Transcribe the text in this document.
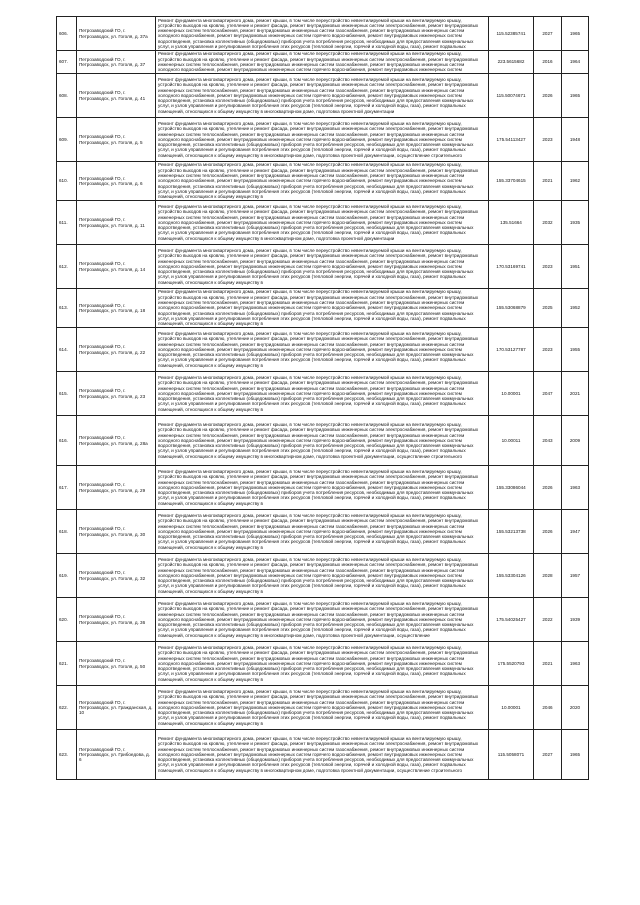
606.	Петрозаводский ГО, г. Петрозаводск, ул. Гоголя, д. 37а	Ремонт фундамента многоквартирного дома, ремонт крыши, в том числе переустройство невентилируемой крыши на вентилируемую крышу, устройство выходов на кровлю, утепление и ремонт фасада, ремонт внутридомовых инженерных систем электроснабжения, ремонт внутридомовых инженерных систем теплоснабжения, ремонт внутридомовых инженерных систем газоснабжения, ремонт внутридомовых инженерных систем холодного водоснабжения, ремонт внутридомовых инженерных систем горячего водоснабжения, ремонт внутридомовых инженерных систем водоотведения, установка коллективных (общедомовых) приборов учета потребления ресурсов, необходимых для предоставления коммунальных услуг, и узлов управления и регулирования потребления этих ресурсов (тепловой энергии, горячей и холодной воды, газа), ремонт подвальных	115.52385741	2027	1965
607.	Петрозаводский ГО, г. Петрозаводск, ул. Гоголя, д. 37	Ремонт фундамента многоквартирного дома, ремонт крыши, в том числе переустройство невентилируемой крыши на вентилируемую крышу, устройство выходов на кровлю, утепление и ремонт фасада, ремонт внутридомовых инженерных систем электроснабжения, ремонт внутридомовых инженерных систем теплоснабжения, ремонт внутридомовых инженерных систем газоснабжения, ремонт внутридомовых инженерных систем холодного водоснабжения, ремонт внутридомовых инженерных систем горячего водоснабжения, ремонт внутридомовых инженерных систем	223.5615682	2016	1964
608.	Петрозаводский ГО, г. Петрозаводск, ул. Гоголя, д. 41	Ремонт фундамента многоквартирного дома, ремонт крыши, в том числе переустройство невентилируемой крыши на вентилируемую крышу, устройство выходов на кровлю, утепление и ремонт фасада, ремонт внутридомовых инженерных систем электроснабжения, ремонт внутридомовых инженерных систем теплоснабжения, ремонт внутридомовых инженерных систем газоснабжения, ремонт внутридомовых инженерных систем холодного водоснабжения, ремонт внутридомовых инженерных систем горячего водоснабжения, ремонт внутридомовых инженерных систем водоотведения, установка коллективных (общедомовых) приборов учета потребления ресурсов, необходимых для предоставления коммунальных услуг, и узлов управления и регулирования потребления этих ресурсов (тепловой энергии, горячей и холодной воды, газа), ремонт подвальных помещений, относящихся к общему имуществу в многоквартирном доме, подготовка проектной документации	115.50074671	2026	1965
609.	Петрозаводский ГО, г. Петрозаводск, ул. Гоголя, д. 5	Ремонт фундамента многоквартирного дома, ремонт крыши, в том числе переустройство невентилируемой крыши на вентилируемую крышу, устройство выходов на кровлю, утепление и ремонт фасада, ремонт внутридомовых инженерных систем электроснабжения, ремонт внутридомовых инженерных систем теплоснабжения, ремонт внутридомовых инженерных систем газоснабжения, ремонт внутридомовых инженерных систем холодного водоснабжения, ремонт внутридомовых инженерных систем горячего водоснабжения, ремонт внутридомовых инженерных систем водоотведения, установка коллективных (общедомовых) приборов учета потребления ресурсов, необходимых для предоставления коммунальных услуг, и узлов управления и регулирования потребления этих ресурсов (тепловой энергии, горячей и холодной воды, газа), ремонт подвальных помещений, относящихся к общему имуществу в многоквартирном доме, подготовка проектной документации, осуществление строительного	175.54113427	2023	1948
610.	Петрозаводский ГО, г. Петрозаводск, ул. Гоголя, д. 6	Ремонт фундамента многоквартирного дома, ремонт крыши, в том числе переустройство невентилируемой крыши на вентилируемую крышу, устройство выходов на кровлю, утепление и ремонт фасада, ремонт внутридомовых инженерных систем электроснабжения, ремонт внутридомовых инженерных систем теплоснабжения, ремонт внутридомовых инженерных систем газоснабжения, ремонт внутридомовых инженерных систем холодного водоснабжения, ремонт внутридомовых инженерных систем горячего водоснабжения, ремонт внутридомовых инженерных систем водоотведения, установка коллективных (общедомовых) приборов учета потребления ресурсов, необходимых для предоставления коммунальных услуг, и узлов управления и регулирования потребления этих ресурсов (тепловой энергии, горячей и холодной воды, газа), ремонт подвальных помещений, относящихся к общему имуществу в	155.33704615	2021	1962
611.	Петрозаводский ГО, г. Петрозаводск, ул. Гоголя, д. 11	Ремонт фундамента многоквартирного дома, ремонт крыши, в том числе переустройство невентилируемой крыши на вентилируемую крышу, устройство выходов на кровлю, утепление и ремонт фасада, ремонт внутридомовых инженерных систем электроснабжения, ремонт внутридомовых инженерных систем теплоснабжения, ремонт внутридомовых инженерных систем газоснабжения, ремонт внутридомовых инженерных систем холодного водоснабжения, ремонт внутридомовых инженерных систем горячего водоснабжения, ремонт внутридомовых инженерных систем водоотведения, установка коллективных (общедомовых) приборов учета потребления ресурсов, необходимых для предоставления коммунальных услуг, и узлов управления и регулирования потребления этих ресурсов (тепловой энергии, горячей и холодной воды, газа), ремонт подвальных помещений, относящихся к общему имуществу в многоквартирном доме, подготовка проектной документации	135.51664	2032	1935
612.	Петрозаводский ГО, г. Петрозаводск, ул. Гоголя, д. 14	Ремонт фундамента многоквартирного дома, ремонт крыши, в том числе переустройство невентилируемой крыши на вентилируемую крышу, устройство выходов на кровлю, утепление и ремонт фасада, ремонт внутридомовых инженерных систем электроснабжения, ремонт внутридомовых инженерных систем теплоснабжения, ремонт внутридомовых инженерных систем газоснабжения, ремонт внутридомовых инженерных систем холодного водоснабжения, ремонт внутридомовых инженерных систем горячего водоснабжения, ремонт внутридомовых инженерных систем водоотведения, установка коллективных (общедомовых) приборов учета потребления ресурсов, необходимых для предоставления коммунальных услуг, и узлов управления и регулирования потребления этих ресурсов (тепловой энергии, горячей и холодной воды, газа), ремонт подвальных помещений, относящихся к общему имуществу в	170.53169741	2023	1951
613.	Петрозаводский ГО, г. Петрозаводск, ул. Гоголя, д. 18	Ремонт фундамента многоквартирного дома, ремонт крыши, в том числе переустройство невентилируемой крыши на вентилируемую крышу, устройство выходов на кровлю, утепление и ремонт фасада, ремонт внутридомовых инженерных систем электроснабжения, ремонт внутридомовых инженерных систем теплоснабжения, ремонт внутридомовых инженерных систем газоснабжения, ремонт внутридомовых инженерных систем холодного водоснабжения, ремонт внутридомовых инженерных систем горячего водоснабжения, ремонт внутридомовых инженерных систем водоотведения, установка коллективных (общедомовых) приборов учета потребления ресурсов, необходимых для предоставления коммунальных услуг, и узлов управления и регулирования потребления этих ресурсов (тепловой энергии, горячей и холодной воды, газа), ремонт подвальных помещений, относящихся к общему имуществу в	155.53068879	2025	1952
614.	Петрозаводский ГО, г. Петрозаводск, ул. Гоголя, д. 22	Ремонт фундамента многоквартирного дома, ремонт крыши, в том числе переустройство невентилируемой крыши на вентилируемую крышу, устройство выходов на кровлю, утепление и ремонт фасада, ремонт внутридомовых инженерных систем электроснабжения, ремонт внутридомовых инженерных систем теплоснабжения, ремонт внутридомовых инженерных систем газоснабжения, ремонт внутридомовых инженерных систем холодного водоснабжения, ремонт внутридомовых инженерных систем горячего водоснабжения, ремонт внутридомовых инженерных систем водоотведения, установка коллективных (общедомовых) приборов учета потребления ресурсов, необходимых для предоставления коммунальных услуг, и узлов управления и регулирования потребления этих ресурсов (тепловой энергии, горячей и холодной воды, газа), ремонт подвальных помещений, относящихся к общему имуществу в	170.53127787	2023	1955
615.	Петрозаводский ГО, г. Петрозаводск, ул. Гоголя, д. 23	Ремонт фундамента многоквартирного дома, ремонт крыши, в том числе переустройство невентилируемой крыши на вентилируемую крышу, устройство выходов на кровлю, утепление и ремонт фасада, ремонт внутридомовых инженерных систем электроснабжения, ремонт внутридомовых инженерных систем теплоснабжения, ремонт внутридомовых инженерных систем газоснабжения, ремонт внутридомовых инженерных систем холодного водоснабжения, ремонт внутридомовых инженерных систем горячего водоснабжения, ремонт внутридомовых инженерных систем водоотведения, установка коллективных (общедомовых) приборов учета потребления ресурсов, необходимых для предоставления коммунальных услуг, и узлов управления и регулирования потребления этих ресурсов (тепловой энергии, горячей и холодной воды, газа), ремонт подвальных помещений, относящихся к общему имуществу в	10.00001	2047	2021
616.	Петрозаводский ГО, г. Петрозаводск, ул. Гоголя, д. 28а	Ремонт фундамента многоквартирного дома, ремонт крыши, в том числе переустройство невентилируемой крыши на вентилируемую крышу, устройство выходов на кровлю, утепление и ремонт фасада, ремонт внутридомовых инженерных систем электроснабжения, ремонт внутридомовых инженерных систем теплоснабжения, ремонт внутридомовых инженерных систем газоснабжения, ремонт внутридомовых инженерных систем холодного водоснабжения, ремонт внутридомовых инженерных систем горячего водоснабжения, ремонт внутридомовых инженерных систем водоотведения, установка коллективных (общедомовых) приборов учета потребления ресурсов, необходимых для предоставления коммунальных услуг, и узлов управления и регулирования потребления этих ресурсов (тепловой энергии, горячей и холодной воды, газа), ремонт подвальных помещений, относящихся к общему имуществу в многоквартирном доме, подготовка проектной документации, осуществление строительного	10.00011	2043	2009
617.	Петрозаводский ГО, г. Петрозаводск, ул. Гоголя, д. 29	Ремонт фундамента многоквартирного дома, ремонт крыши, в том числе переустройство невентилируемой крыши на вентилируемую крышу, устройство выходов на кровлю, утепление и ремонт фасада, ремонт внутридомовых инженерных систем электроснабжения, ремонт внутридомовых инженерных систем теплоснабжения, ремонт внутридомовых инженерных систем газоснабжения, ремонт внутридомовых инженерных систем холодного водоснабжения, ремонт внутридомовых инженерных систем горячего водоснабжения, ремонт внутридомовых инженерных систем водоотведения, установка коллективных (общедомовых) приборов учета потребления ресурсов, необходимых для предоставления коммунальных услуг, и узлов управления и регулирования потребления этих ресурсов (тепловой энергии, горячей и холодной воды, газа), ремонт подвальных помещений, относящихся к общему имуществу в	155.33086044	2026	1963
618.	Петрозаводский ГО, г. Петрозаводск, ул. Гоголя, д. 30	Ремонт фундамента многоквартирного дома, ремонт крыши, в том числе переустройство невентилируемой крыши на вентилируемую крышу, устройство выходов на кровлю, утепление и ремонт фасада, ремонт внутридомовых инженерных систем электроснабжения, ремонт внутридомовых инженерных систем теплоснабжения, ремонт внутридомовых инженерных систем газоснабжения, ремонт внутридомовых инженерных систем холодного водоснабжения, ремонт внутридомовых инженерных систем горячего водоснабжения, ремонт внутридомовых инженерных систем водоотведения, установка коллективных (общедомовых) приборов учета потребления ресурсов, необходимых для предоставления коммунальных услуг, и узлов управления и регулирования потребления этих ресурсов (тепловой энергии, горячей и холодной воды, газа), ремонт подвальных помещений, относящихся к общему имуществу в	155.53213738	2026	1947
619.	Петрозаводский ГО, г. Петрозаводск, ул. Гоголя, д. 32	Ремонт фундамента многоквартирного дома, ремонт крыши, в том числе переустройство невентилируемой крыши на вентилируемую крышу, устройство выходов на кровлю, утепление и ремонт фасада, ремонт внутридомовых инженерных систем электроснабжения, ремонт внутридомовых инженерных систем теплоснабжения, ремонт внутридомовых инженерных систем газоснабжения, ремонт внутридомовых инженерных систем холодного водоснабжения, ремонт внутридомовых инженерных систем горячего водоснабжения, ремонт внутридомовых инженерных систем водоотведения, установка коллективных (общедомовых) приборов учета потребления ресурсов, необходимых для предоставления коммунальных услуг, и узлов управления и регулирования потребления этих ресурсов (тепловой энергии, горячей и холодной воды, газа), ремонт подвальных помещений, относящихся к общему имуществу в	155.53304126	2028	1957
620.	Петрозаводский ГО, г. Петрозаводск, ул. Гоголя, д. 36	Ремонт фундамента многоквартирного дома, ремонт крыши, в том числе переустройство невентилируемой крыши на вентилируемую крышу, устройство выходов на кровлю, утепление и ремонт фасада, ремонт внутридомовых инженерных систем электроснабжения, ремонт внутридомовых инженерных систем теплоснабжения, ремонт внутридомовых инженерных систем газоснабжения, ремонт внутридомовых инженерных систем холодного водоснабжения, ремонт внутридомовых инженерных систем горячего водоснабжения, ремонт внутридомовых инженерных систем водоотведения, установка коллективных (общедомовых) приборов учета потребления ресурсов, необходимых для предоставления коммунальных услуг, и узлов управления и регулирования потребления этих ресурсов (тепловой энергии, горячей и холодной воды, газа), ремонт подвальных помещений, относящихся к общему имуществу в многоквартирном доме, подготовка проектной документации, осуществление	175.54025427	2022	1939
621.	Петрозаводский ГО, г. Петрозаводск, ул. Гоголя, д. 50	Ремонт фундамента многоквартирного дома, ремонт крыши, в том числе переустройство невентилируемой крыши на вентилируемую крышу, устройство выходов на кровлю, утепление и ремонт фасада, ремонт внутридомовых инженерных систем электроснабжения, ремонт внутридомовых инженерных систем теплоснабжения, ремонт внутридомовых инженерных систем газоснабжения, ремонт внутридомовых инженерных систем холодного водоснабжения, ремонт внутридомовых инженерных систем горячего водоснабжения, ремонт внутридомовых инженерных систем водоотведения, установка коллективных (общедомовых) приборов учета потребления ресурсов, необходимых для предоставления коммунальных услуг, и узлов управления и регулирования потребления этих ресурсов (тепловой энергии, горячей и холодной воды, газа), ремонт подвальных помещений, относящихся к общему имуществу в	175.5520793	2021	1963
622.	Петрозаводский ГО, г. Петрозаводск, ул. Гражданская, д. 10	Ремонт фундамента многоквартирного дома, ремонт крыши, в том числе переустройство невентилируемой крыши на вентилируемую крышу, устройство выходов на кровлю, утепление и ремонт фасада, ремонт внутридомовых инженерных систем электроснабжения, ремонт внутридомовых инженерных систем теплоснабжения, ремонт внутридомовых инженерных систем газоснабжения, ремонт внутридомовых инженерных систем холодного водоснабжения, ремонт внутридомовых инженерных систем горячего водоснабжения, ремонт внутридомовых инженерных систем водоотведения, установка коллективных (общедомовых) приборов учета потребления ресурсов, необходимых для предоставления коммунальных услуг, и узлов управления и регулирования потребления этих ресурсов (тепловой энергии, горячей и холодной воды, газа), ремонт подвальных помещений, относящихся к общему имуществу в	10.00001	2046	2020
623.	Петрозаводский ГО, г. Петрозаводск, ул. Грибоедова, д. 6	Ремонт фундамента многоквартирного дома, ремонт крыши, в том числе переустройство невентилируемой крыши на вентилируемую крышу, устройство выходов на кровлю, утепление и ремонт фасада, ремонт внутридомовых инженерных систем электроснабжения, ремонт внутридомовых инженерных систем теплоснабжения, ремонт внутридомовых инженерных систем газоснабжения, ремонт внутридомовых инженерных систем холодного водоснабжения, ремонт внутридомовых инженерных систем горячего водоснабжения, ремонт внутридомовых инженерных систем водоотведения, установка коллективных (общедомовых) приборов учета потребления ресурсов, необходимых для предоставления коммунальных услуг, и узлов управления и регулирования потребления этих ресурсов (тепловой энергии, горячей и холодной воды, газа), ремонт подвальных помещений, относящихся к общему имуществу в многоквартирном доме, подготовка проектной документации, осуществление строительного	115.5058071	2027	1965
